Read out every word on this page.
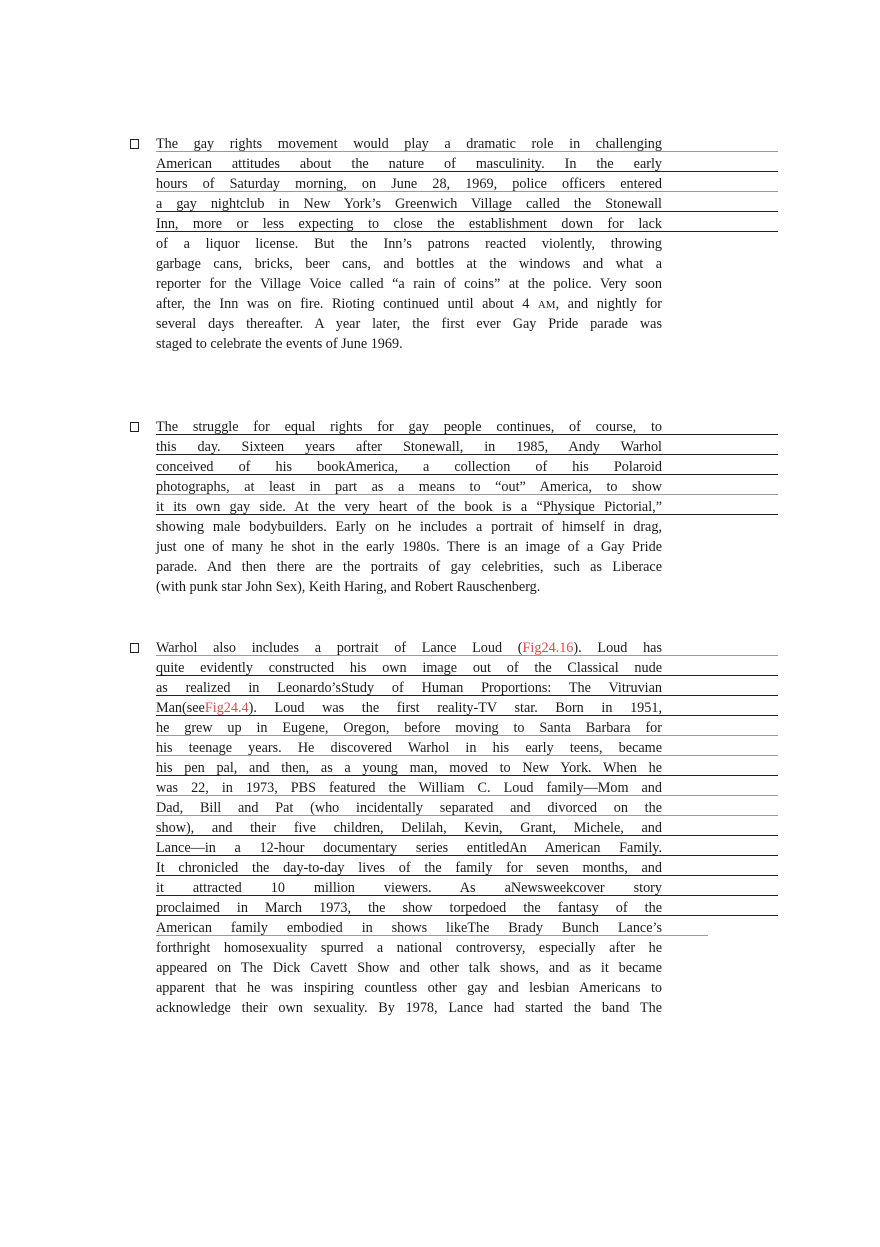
The gay rights movement would play a dramatic role in challenging
American attitudes about the nature of masculinity. In the early
hours of Saturday morning, on June 28, 1969, police officers entered
a gay nightclub in New York’s Greenwich Village called the Stonewall
Inn, more or less expecting to close the establishment down for lack
of a liquor license. But the Inn’s patrons reacted violently, throwing
garbage cans, bricks, beer cans, and bottles at the windows and what a
reporter for the Village Voice called “a rain of coins” at the police. Very soon
after, the Inn was on fire. Rioting continued until about 4 AM, and nightly for
several days thereafter. A year later, the first ever Gay Pride parade was
staged to celebrate the events of June 1969.
The struggle for equal rights for gay people continues, of course, to
this day. Sixteen years after Stonewall, in 1985, Andy Warhol
conceived of his bookAmerica, a collection of his Polaroid
photographs, at least in part as a means to “out” America, to show
it its own gay side. At the very heart of the book is a “Physique Pictorial,”
showing male bodybuilders. Early on he includes a portrait of himself in drag,
just one of many he shot in the early 1980s. There is an image of a Gay Pride
parade. And then there are the portraits of gay celebrities, such as Liberace
(with punk star John Sex), Keith Haring, and Robert Rauschenberg.
Warhol also includes a portrait of Lance Loud (Fig24.16). Loud has
quite evidently constructed his own image out of the Classical nude
as realized in Leonardo’sStudy of Human Proportions: The Vitruvian
Man(seeFig24.4). Loud was the first reality-TV star. Born in 1951,
he grew up in Eugene, Oregon, before moving to Santa Barbara for
his teenage years. He discovered Warhol in his early teens, became
his pen pal, and then, as a young man, moved to New York. When he
was 22, in 1973, PBS featured the William C. Loud family—Mom and
Dad, Bill and Pat (who incidentally separated and divorced on the
show), and their five children, Delilah, Kevin, Grant, Michele, and
Lance—in a 12-hour documentary series entitledAn American Family.
It chronicled the day-to-day lives of the family for seven months, and
it attracted 10 million viewers. As aNewsweekcover story
proclaimed in March 1973, the show torpedoed the fantasy of the
American family embodied in shows likeThe Brady Bunch Lance’s
forthright homosexuality spurred a national controversy, especially after he
appeared on The Dick Cavett Show and other talk shows, and as it became
apparent that he was inspiring countless other gay and lesbian Americans to
acknowledge their own sexuality. By 1978, Lance had started the band The
